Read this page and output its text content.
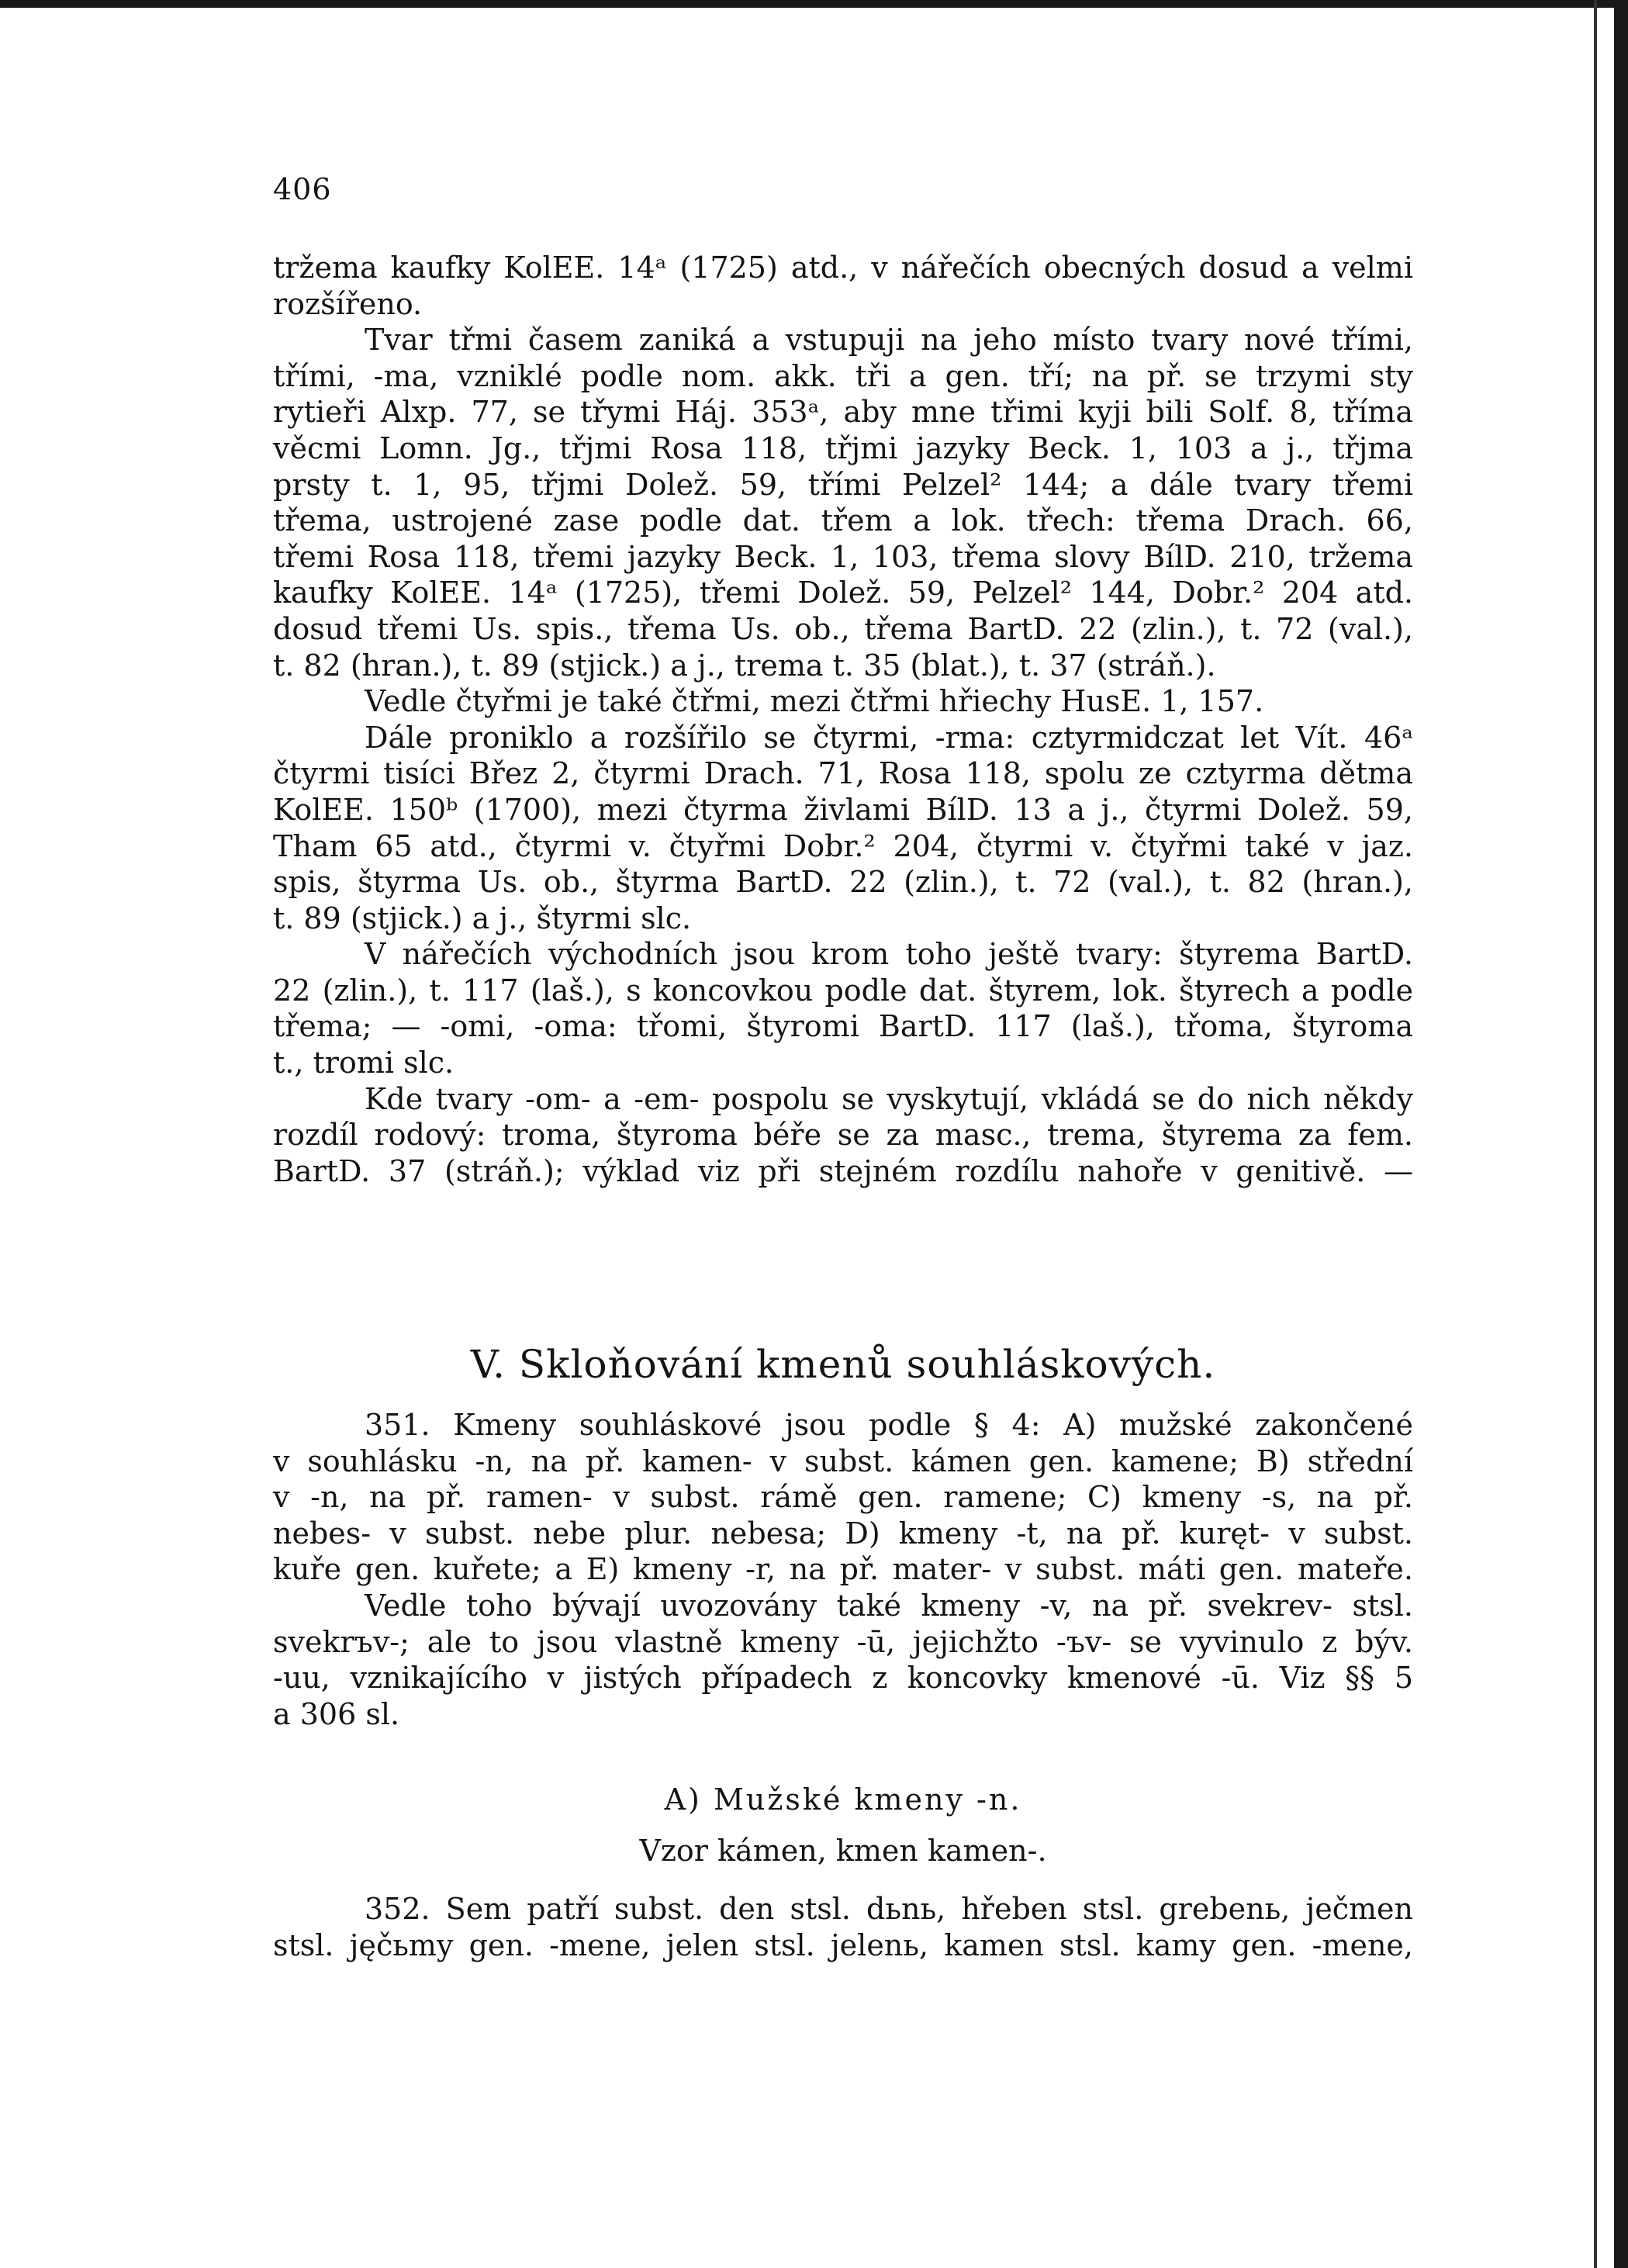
406
tržema kaufky KolEE. 14ᵃ (1725) atd., v nářečích obecných dosud a velmi
rozšířeno.
Tvar třmi časem zaniká a vstupuji na jeho místo tvary nové třími,
třími, -ma, vzniklé podle nom. akk. tři a gen. tří; na př. se trzymi sty
rytieři Alxp. 77, se třymi Háj. 353ᵃ, aby mne třimi kyji bili Solf. 8, tříma
věcmi Lomn. Jg., třjmi Rosa 118, třjmi jazyky Beck. 1, 103 a j., třjma
prsty t. 1, 95, třjmi Dolež. 59, třími Pelzel² 144; a dále tvary třemi
třema, ustrojené zase podle dat. třem a lok. třech: třema Drach. 66,
třemi Rosa 118, třemi jazyky Beck. 1, 103, třema slovy BílD. 210, tržema
kaufky KolEE. 14ᵃ (1725), třemi Dolež. 59, Pelzel² 144, Dobr.² 204 atd.
dosud třemi Us. spis., třema Us. ob., třema BartD. 22 (zlin.), t. 72 (val.),
t. 82 (hran.), t. 89 (stjick.) a j., trema t. 35 (blat.), t. 37 (stráň.).
Vedle čtyřmi je také čtřmi, mezi čtřmi hřiechy HusE. 1, 157.
Dále proniklo a rozšířilo se čtyrmi, -rma: cztyrmidczat let Vít. 46ᵃ
čtyrmi tisíci Břez 2, čtyrmi Drach. 71, Rosa 118, spolu ze cztyrma dětma
KolEE. 150ᵇ (1700), mezi čtyrma živlami BílD. 13 a j., čtyrmi Dolež. 59,
Tham 65 atd., čtyrmi v. čtyřmi Dobr.² 204, čtyrmi v. čtyřmi také v jaz.
spis, štyrma Us. ob., štyrma BartD. 22 (zlin.), t. 72 (val.), t. 82 (hran.),
t. 89 (stjick.) a j., štyrmi slc.
V nářečích východních jsou krom toho ještě tvary: štyrema BartD.
22 (zlin.), t. 117 (laš.), s koncovkou podle dat. štyrem, lok. štyrech a podle
třema; — -omi, -oma: třomi, štyromi BartD. 117 (laš.), třoma, štyroma
t., tromi slc.
Kde tvary -om- a -em- pospolu se vyskytují, vkládá se do nich někdy
rozdíl rodový: troma, štyroma béře se za masc., trema, štyrema za fem.
BartD. 37 (stráň.); výklad viz při stejném rozdílu nahoře v genitivě. —
V. Skloňování kmenů souhláskových.
351. Kmeny souhláskové jsou podle § 4: A) mužské zakončené
v souhlásku -n, na př. kamen- v subst. kámen gen. kamene; B) střední
v -n, na př. ramen- v subst. rámě gen. ramene; C) kmeny -s, na př.
nebes- v subst. nebe plur. nebesa; D) kmeny -t, na př. kuręt- v subst.
kuře gen. kuřete; a E) kmeny -r, na př. mater- v subst. máti gen. mateře.
Vedle toho bývají uvozovány také kmeny -v, na př. svekrev- stsl.
svekrъv-; ale to jsou vlastně kmeny -ū, jejichžto -ъv- se vyvinulo z býv.
-uu, vznikajícího v jistých případech z koncovky kmenové -ū. Viz §§ 5
a 306 sl.
A) Mužské kmeny -n.
Vzor kámen, kmen kamen-.
352. Sem patří subst. den stsl. dьnь, hřeben stsl. grebenь, ječmen
stsl. jęčьmy gen. -mene, jelen stsl. jelenь, kamen stsl. kamy gen. -mene,
